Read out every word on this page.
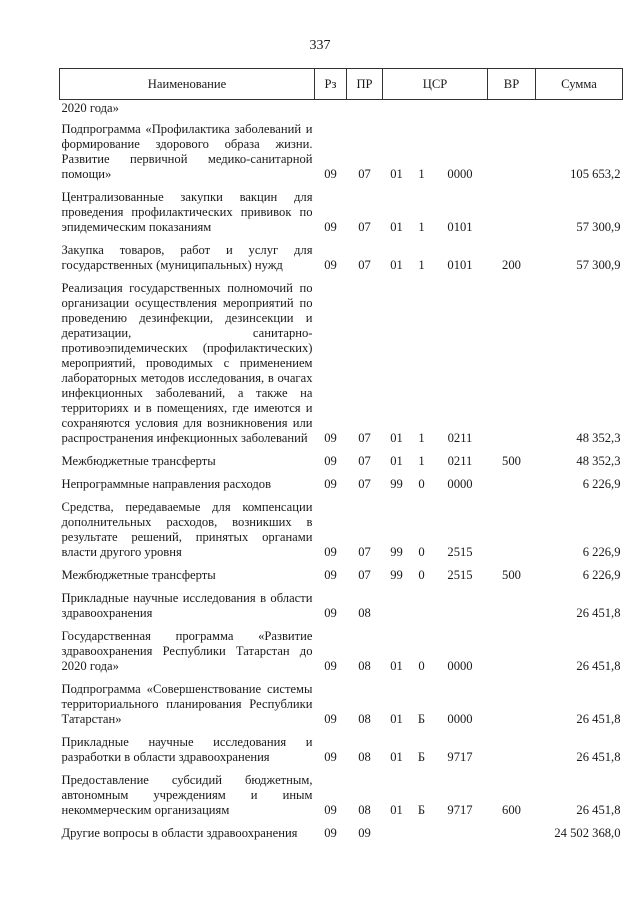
337
Наименование	Рз	ПР	ЦСР			ВР	Сумма
2020 года»							
Подпрограмма «Профилактика заболеваний и формирование здорового образа жизни. Развитие первичной медико-санитарной помощи»	09	07	01	1	0000		105 653,2
Централизованные закупки вакцин для проведения профилактических прививок по эпидемическим показаниям	09	07	01	1	0101		57 300,9
Закупка товаров, работ и услуг для государственных (муниципальных) нужд	09	07	01	1	0101	200	57 300,9
Реализация государственных полномочий по организации осуществления мероприятий по проведению дезинфекции, дезинсекции и дератизации, санитарно-противоэпидемических (профилактических) мероприятий, проводимых с применением лабораторных методов исследования, в очагах инфекционных заболеваний, а также на территориях и в помещениях, где имеются и сохраняются условия для возникновения или распространения инфекционных заболеваний	09	07	01	1	0211		48 352,3
Межбюджетные трансферты	09	07	01	1	0211	500	48 352,3
Непрограммные направления расходов	09	07	99	0	0000		6 226,9
Средства, передаваемые для компенсации дополнительных расходов, возникших в результате решений, принятых органами власти другого уровня	09	07	99	0	2515		6 226,9
Межбюджетные трансферты	09	07	99	0	2515	500	6 226,9
Прикладные научные исследования в области здравоохранения	09	08					26 451,8
Государственная программа «Развитие здравоохранения Республики Татарстан до 2020 года»	09	08	01	0	0000		26 451,8
Подпрограмма «Совершенствование системы территориального планирования Республики Татарстан»	09	08	01	Б	0000		26 451,8
Прикладные научные исследования и разработки в области здравоохранения	09	08	01	Б	9717		26 451,8
Предоставление субсидий бюджетным, автономным учреждениям и иным некоммерческим организациям	09	08	01	Б	9717	600	26 451,8
Другие вопросы в области здравоохранения	09	09					24 502 368,0
